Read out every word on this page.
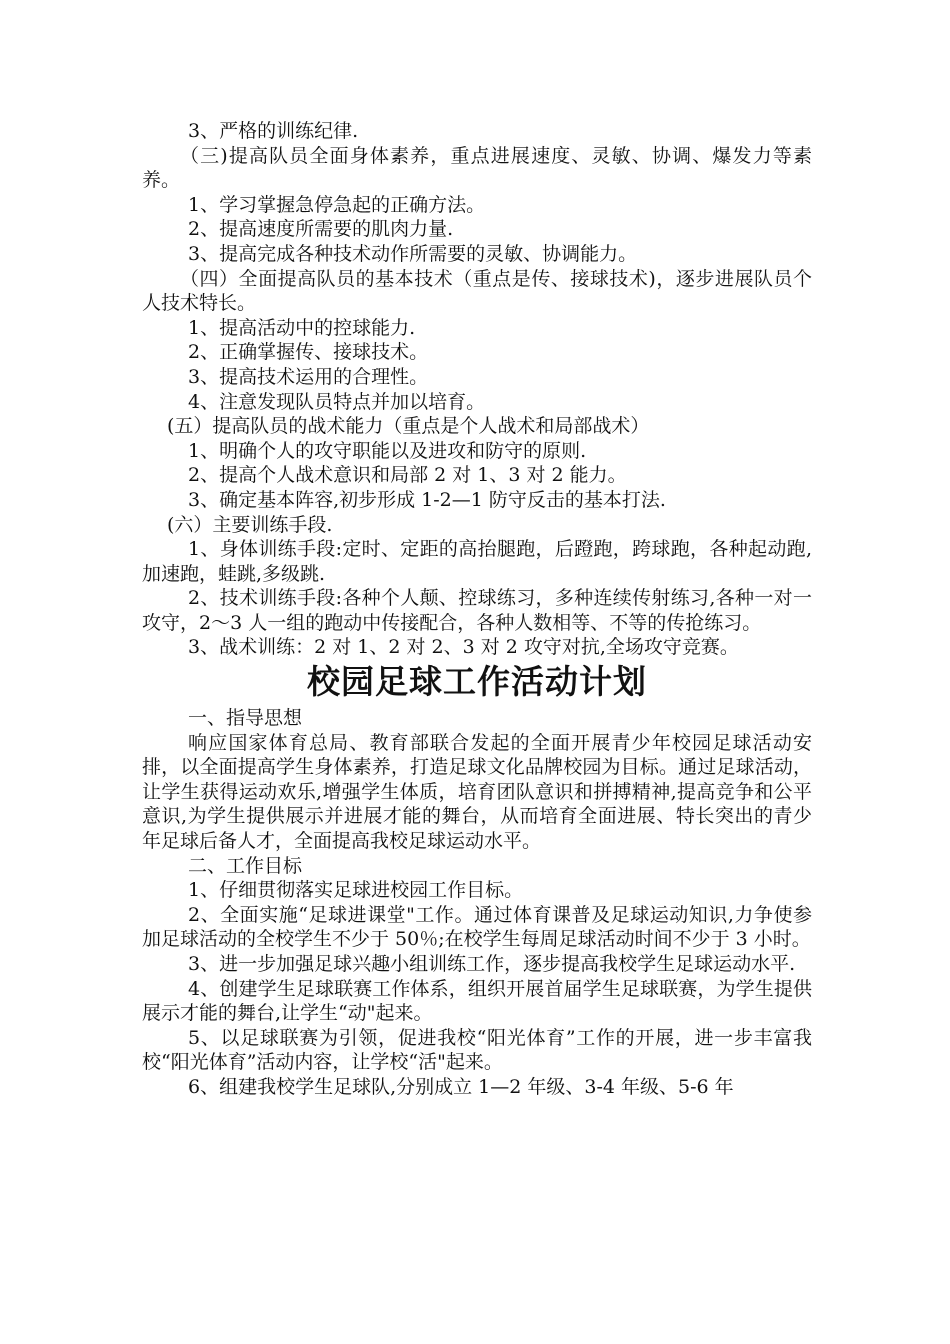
3、严格的训练纪律.

（三)提高队员全面身体素养，重点进展速度、灵敏、协调、爆发力等素养。

1、学习掌握急停急起的正确方法。

2、提高速度所需要的肌肉力量.

3、提高完成各种技术动作所需要的灵敏、协调能力。

（四）全面提高队员的基本技术（重点是传、接球技术)，逐步进展队员个人技术特长。

1、提高活动中的控球能力.

2、正确掌握传、接球技术。

3、提高技术运用的合理性。

4、注意发现队员特点并加以培育。

(五）提高队员的战术能力（重点是个人战术和局部战术）

1、明确个人的攻守职能以及进攻和防守的原则.

2、提高个人战术意识和局部 2 对 1、3 对 2 能力。

3、确定基本阵容,初步形成 1-2—1 防守反击的基本打法.

(六）主要训练手段.

1、身体训练手段:定时、定距的高抬腿跑，后蹬跑，跨球跑，各种起动跑,加速跑，蛙跳,多级跳.

2、技术训练手段:各种个人颠、控球练习，多种连续传射练习,各种一对一攻守，2～3 人一组的跑动中传接配合，各种人数相等、不等的传抢练习。

3、战术训练：2 对 1、2 对 2、3 对 2 攻守对抗,全场攻守竞赛。

校园足球工作活动计划

一、指导思想

响应国家体育总局、教育部联合发起的全面开展青少年校园足球活动安排，以全面提高学生身体素养，打造足球文化品牌校园为目标。通过足球活动，让学生获得运动欢乐,增强学生体质，培育团队意识和拼搏精神,提高竞争和公平意识,为学生提供展示并进展才能的舞台，从而培育全面进展、特长突出的青少年足球后备人才，全面提高我校足球运动水平。

二、工作目标

1、仔细贯彻落实足球进校园工作目标。

2、全面实施“足球进课堂"工作。通过体育课普及足球运动知识,力争使参加足球活动的全校学生不少于 50％;在校学生每周足球活动时间不少于 3 小时。

3、进一步加强足球兴趣小组训练工作，逐步提高我校学生足球运动水平.

4、创建学生足球联赛工作体系，组织开展首届学生足球联赛，为学生提供展示才能的舞台,让学生“动"起来。

5、以足球联赛为引领，促进我校“阳光体育”工作的开展，进一步丰富我校“阳光体育”活动内容，让学校“活"起来。

6、组建我校学生足球队,分别成立 1—2 年级、3-4 年级、5-6 年
